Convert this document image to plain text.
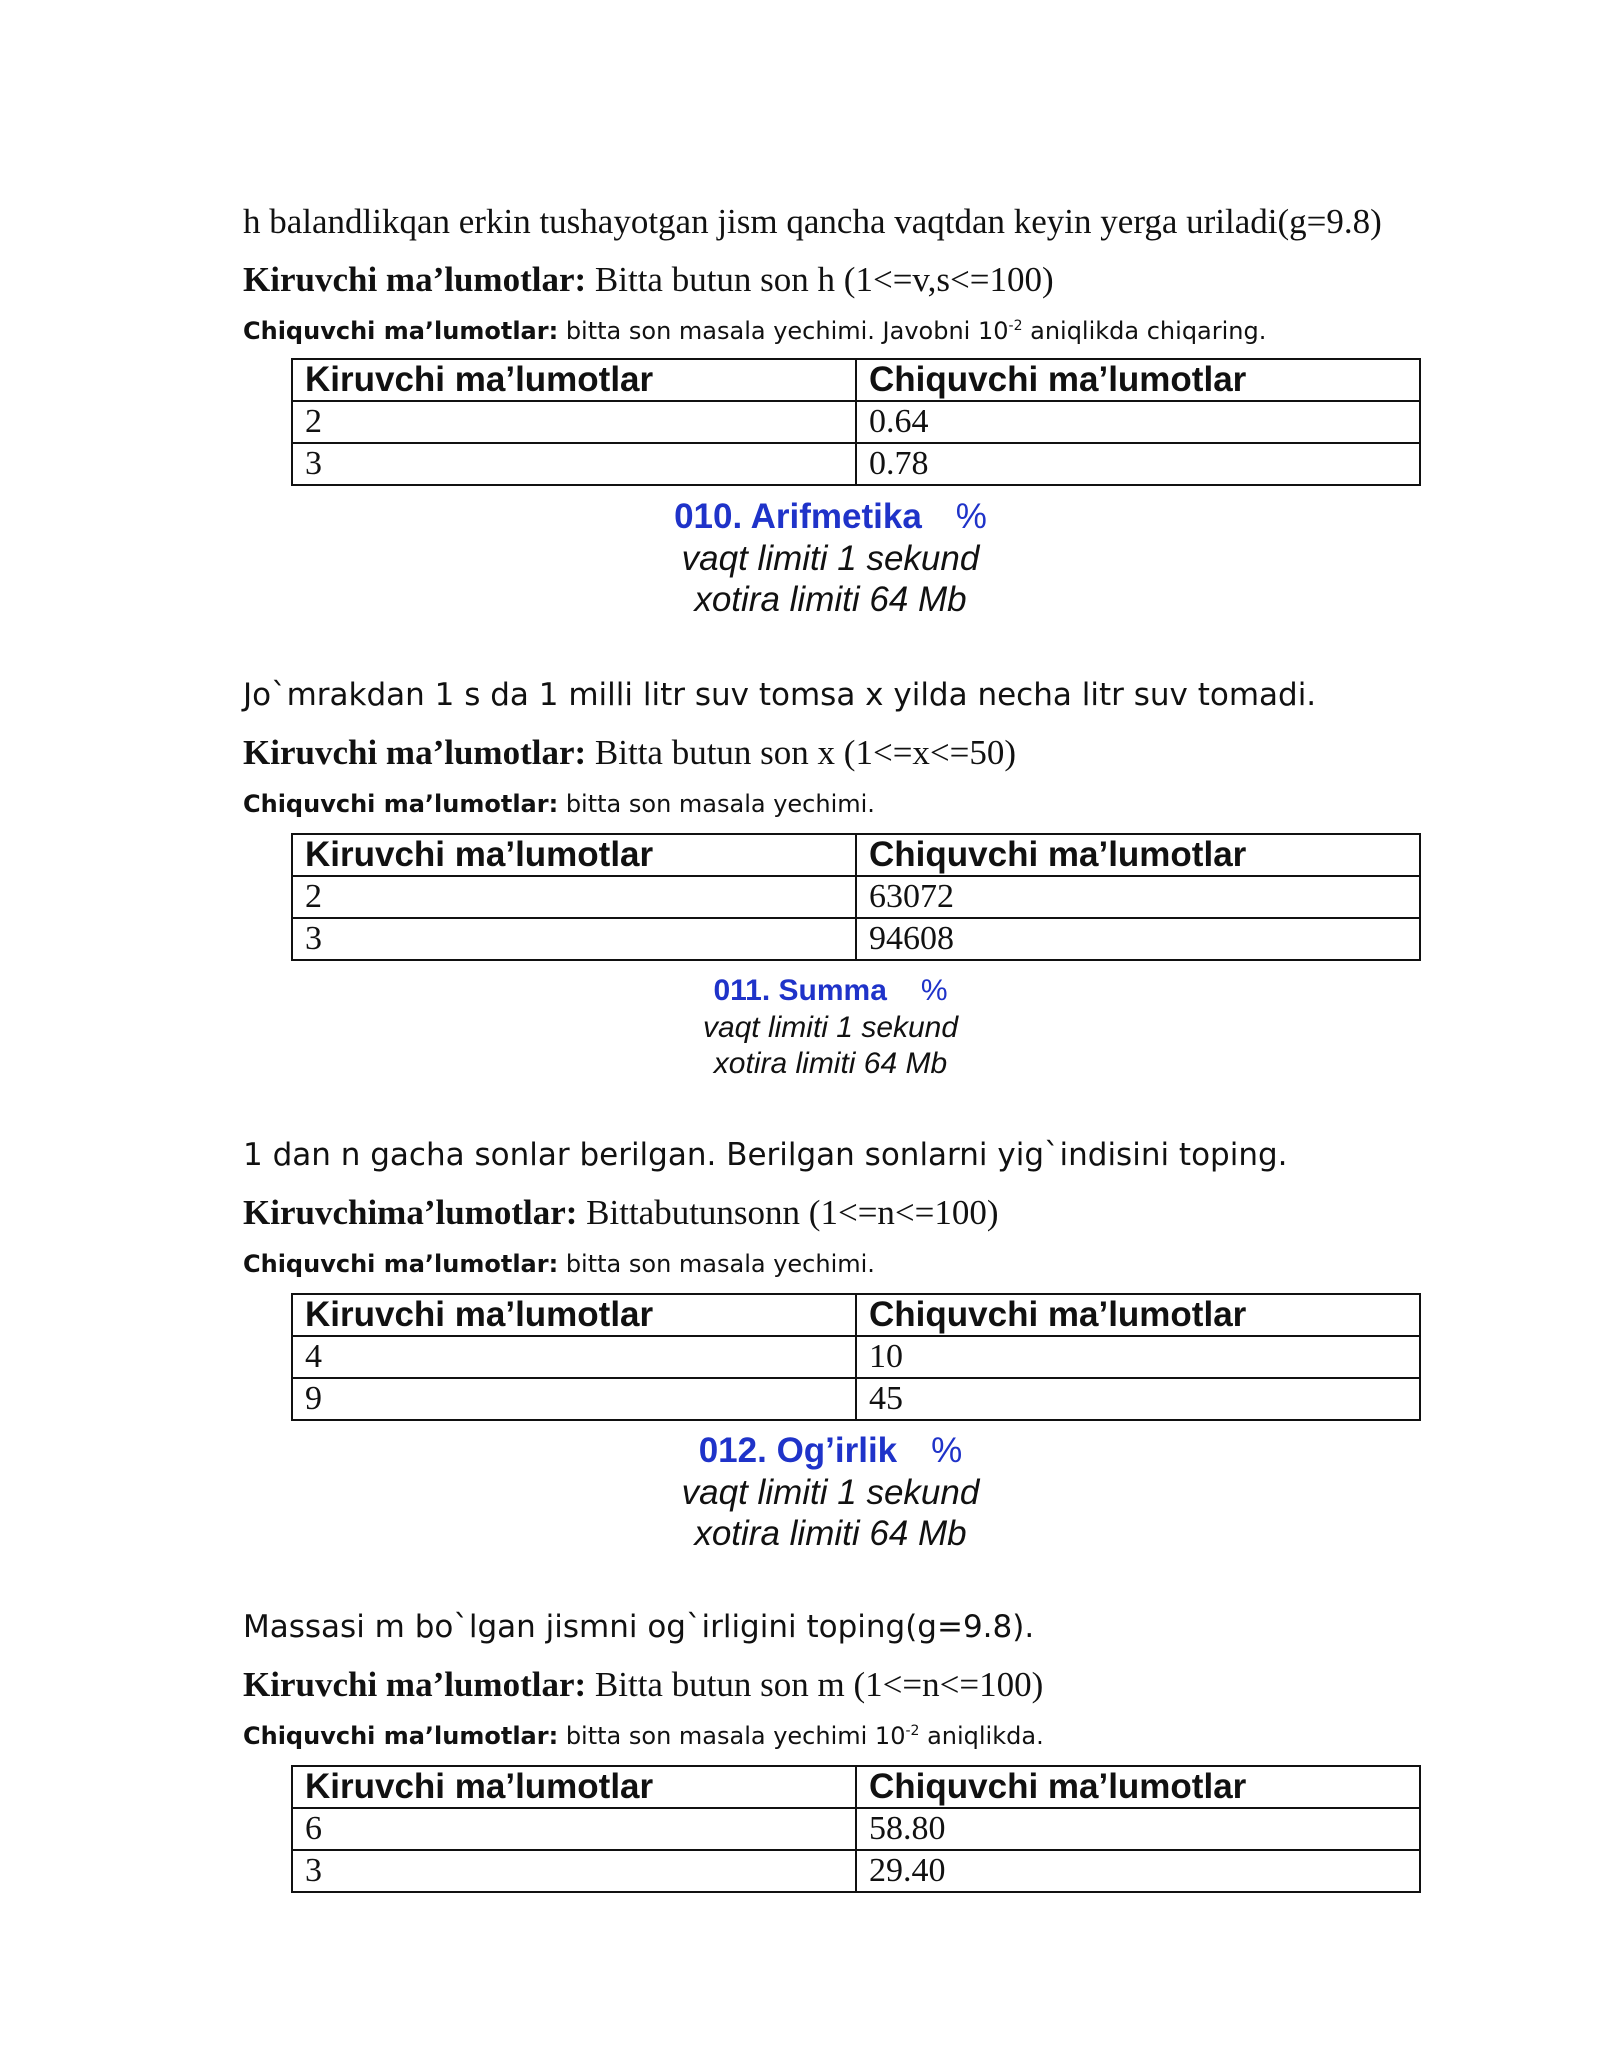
h balandlikqan erkin tushayotgan jism qancha vaqtdan keyin yerga uriladi(g=9.8)
Kiruvchi ma’lumotlar: Bitta butun son h (1<=v,s<=100)
Chiquvchi ma’lumotlar: bitta son masala yechimi. Javobni $10^{-2}$ aniqlikda chiqaring.
Kiruvchi ma’lumotlar	Chiquvchi ma’lumotlar
2	0.64
3	0.78
010. Arifmetika %
vaqt limiti 1 sekund
xotira limiti 64 Mb
Jo`mrakdan 1 s da 1 milli litr suv tomsa x yilda necha litr suv tomadi.
Kiruvchi ma’lumotlar: Bitta butun son x (1<=x<=50)
Chiquvchi ma’lumotlar: bitta son masala yechimi.
Kiruvchi ma’lumotlar	Chiquvchi ma’lumotlar
2	63072
3	94608
011. Summa %
vaqt limiti 1 sekund
xotira limiti 64 Mb
1 dan n gacha sonlar berilgan. Berilgan sonlarni yig`indisini toping.
Kiruvchima’lumotlar: Bittabutunsonn (1<=n<=100)
Chiquvchi ma’lumotlar: bitta son masala yechimi.
Kiruvchi ma’lumotlar	Chiquvchi ma’lumotlar
4	10
9	45
012. Og’irlik %
vaqt limiti 1 sekund
xotira limiti 64 Mb
Massasi m bo`lgan jismni og`irligini toping(g=9.8).
Kiruvchi ma’lumotlar: Bitta butun son m (1<=n<=100)
Chiquvchi ma’lumotlar: bitta son masala yechimi $10^{-2}$ aniqlikda.
Kiruvchi ma’lumotlar	Chiquvchi ma’lumotlar
6	58.80
3	29.40
